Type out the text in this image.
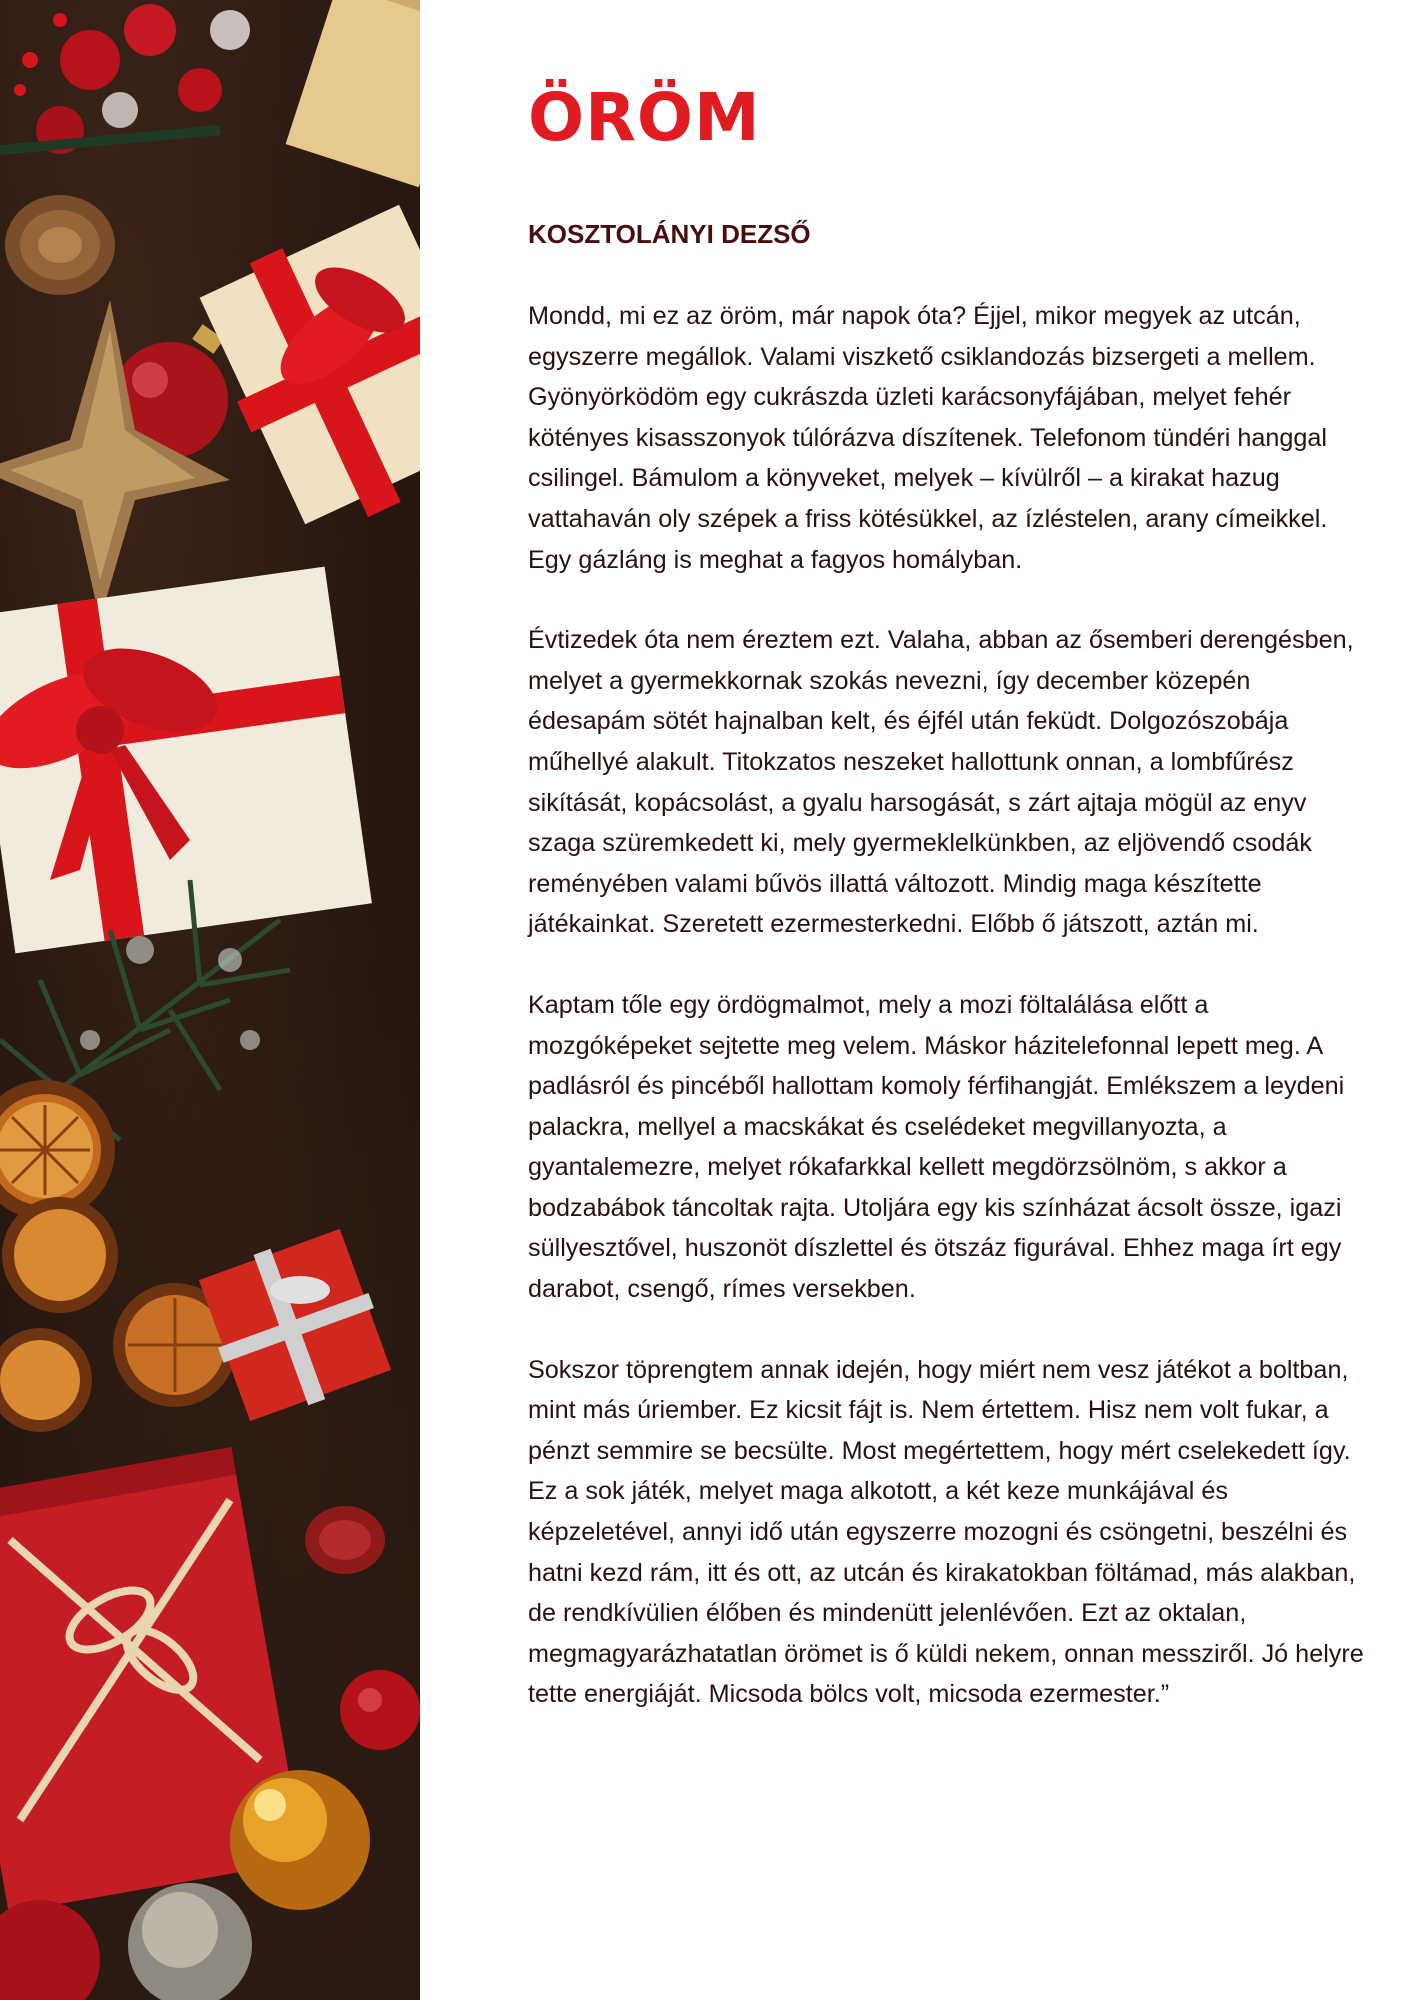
ÖRÖM
KOSZTOLÁNYI DEZSŐ

Mondd, mi ez az öröm, már napok óta? Éjjel, mikor megyek az utcán, egyszerre megállok. Valami viszkető csiklandozás bizsergeti a mellem. Gyönyörködöm egy cukrászda üzleti karácsonyfájában, melyet fehér kötényes kisasszonyok túlórázva díszítenek. Telefonom tündéri hanggal csilingel. Bámulom a könyveket, melyek – kívülről – a kirakat hazug vattahaván oly szépek a friss kötésükkel, az ízléstelen, arany címeikkel. Egy gázláng is meghat a fagyos homályban.

Évtizedek óta nem éreztem ezt. Valaha, abban az ősemberi derengésben, melyet a gyermekkornak szokás nevezni, így december közepén édesapám sötét hajnalban kelt, és éjfél után feküdt. Dolgozószobája műhellyé alakult. Titokzatos neszeket hallottunk onnan, a lombfűrész sikítását, kopácsolást, a gyalu harsogását, s zárt ajtaja mögül az enyv szaga szüremkedett ki, mely gyermeklelkünkben, az eljövendő csodák reményében valami bűvös illattá változott. Mindig maga készítette játékainkat. Szeretett ezermesterkedni. Előbb ő játszott, aztán mi.

Kaptam tőle egy ördögmalmot, mely a mozi föltalálása előtt a mozgóképeket sejtette meg velem. Máskor házitelefonnal lepett meg. A padlásról és pincéből hallottam komoly férfihangját. Emlékszem a leydeni palackra, mellyel a macskákat és cselédeket megvillanyozta, a gyantalemezre, melyet rókafarkkal kellett megdörzsölnöm, s akkor a bodzabábok táncoltak rajta. Utoljára egy kis színházat ácsolt össze, igazi süllyesztővel, huszonöt díszlettel és ötszáz figurával. Ehhez maga írt egy darabot, csengő, rímes versekben.

Sokszor töprengtem annak idején, hogy miért nem vesz játékot a boltban, mint más úriember. Ez kicsit fájt is. Nem értettem. Hisz nem volt fukar, a pénzt semmire se becsülte. Most megértettem, hogy mért cselekedett így. Ez a sok játék, melyet maga alkotott, a két keze munkájával és képzeletével, annyi idő után egyszerre mozogni és csöngetni, beszélni és hatni kezd rám, itt és ott, az utcán és kirakatokban föltámad, más alakban, de rendkívülien élőben és mindenütt jelenlévően. Ezt az oktalan, megmagyarázhatatlan örömet is ő küldi nekem, onnan messziről. Jó helyre tette energiáját. Micsoda bölcs volt, micsoda ezermester.”
